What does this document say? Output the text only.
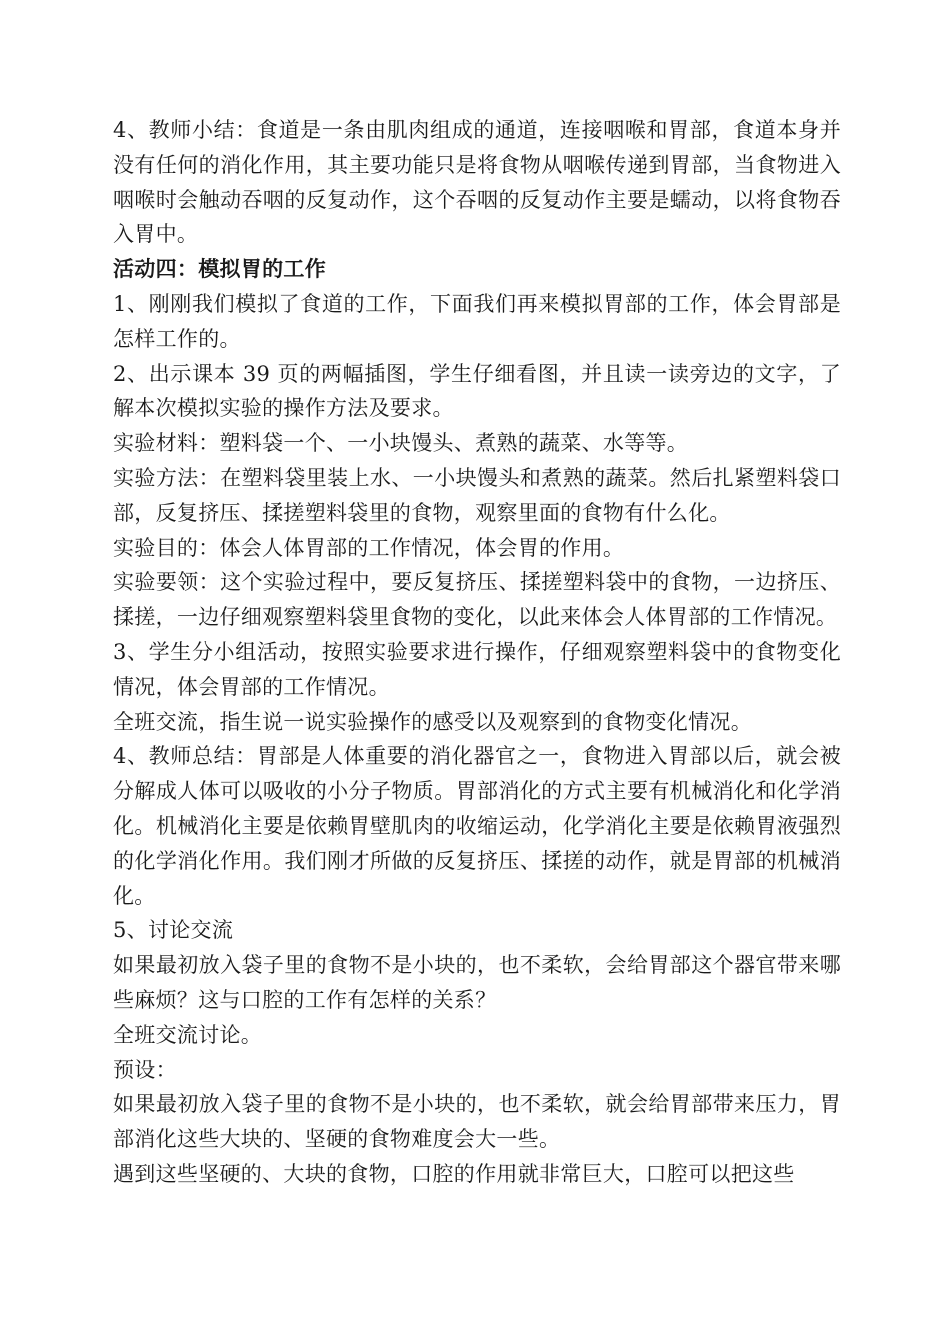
4、教师小结：食道是一条由肌肉组成的通道，连接咽喉和胃部，食道本身并没有任何的消化作用，其主要功能只是将食物从咽喉传递到胃部，当食物进入咽喉时会触动吞咽的反复动作，这个吞咽的反复动作主要是蠕动，以将食物吞入胃中。

活动四：模拟胃的工作

1、刚刚我们模拟了食道的工作，下面我们再来模拟胃部的工作，体会胃部是怎样工作的。

2、出示课本 39 页的两幅插图，学生仔细看图，并且读一读旁边的文字，了解本次模拟实验的操作方法及要求。

实验材料：塑料袋一个、一小块馒头、煮熟的蔬菜、水等等。

实验方法：在塑料袋里装上水、一小块馒头和煮熟的蔬菜。然后扎紧塑料袋口部，反复挤压、揉搓塑料袋里的食物，观察里面的食物有什么化。

实验目的：体会人体胃部的工作情况，体会胃的作用。

实验要领：这个实验过程中，要反复挤压、揉搓塑料袋中的食物，一边挤压、揉搓，一边仔细观察塑料袋里食物的变化，以此来体会人体胃部的工作情况。

3、学生分小组活动，按照实验要求进行操作，仔细观察塑料袋中的食物变化情况，体会胃部的工作情况。

全班交流，指生说一说实验操作的感受以及观察到的食物变化情况。

4、教师总结：胃部是人体重要的消化器官之一，食物进入胃部以后，就会被分解成人体可以吸收的小分子物质。胃部消化的方式主要有机械消化和化学消化。机械消化主要是依赖胃壁肌肉的收缩运动，化学消化主要是依赖胃液强烈的化学消化作用。我们刚才所做的反复挤压、揉搓的动作，就是胃部的机械消化。

5、讨论交流

如果最初放入袋子里的食物不是小块的，也不柔软，会给胃部这个器官带来哪些麻烦？这与口腔的工作有怎样的关系？

全班交流讨论。

预设：

如果最初放入袋子里的食物不是小块的，也不柔软，就会给胃部带来压力，胃部消化这些大块的、坚硬的食物难度会大一些。

遇到这些坚硬的、大块的食物，口腔的作用就非常巨大，口腔可以把这些
